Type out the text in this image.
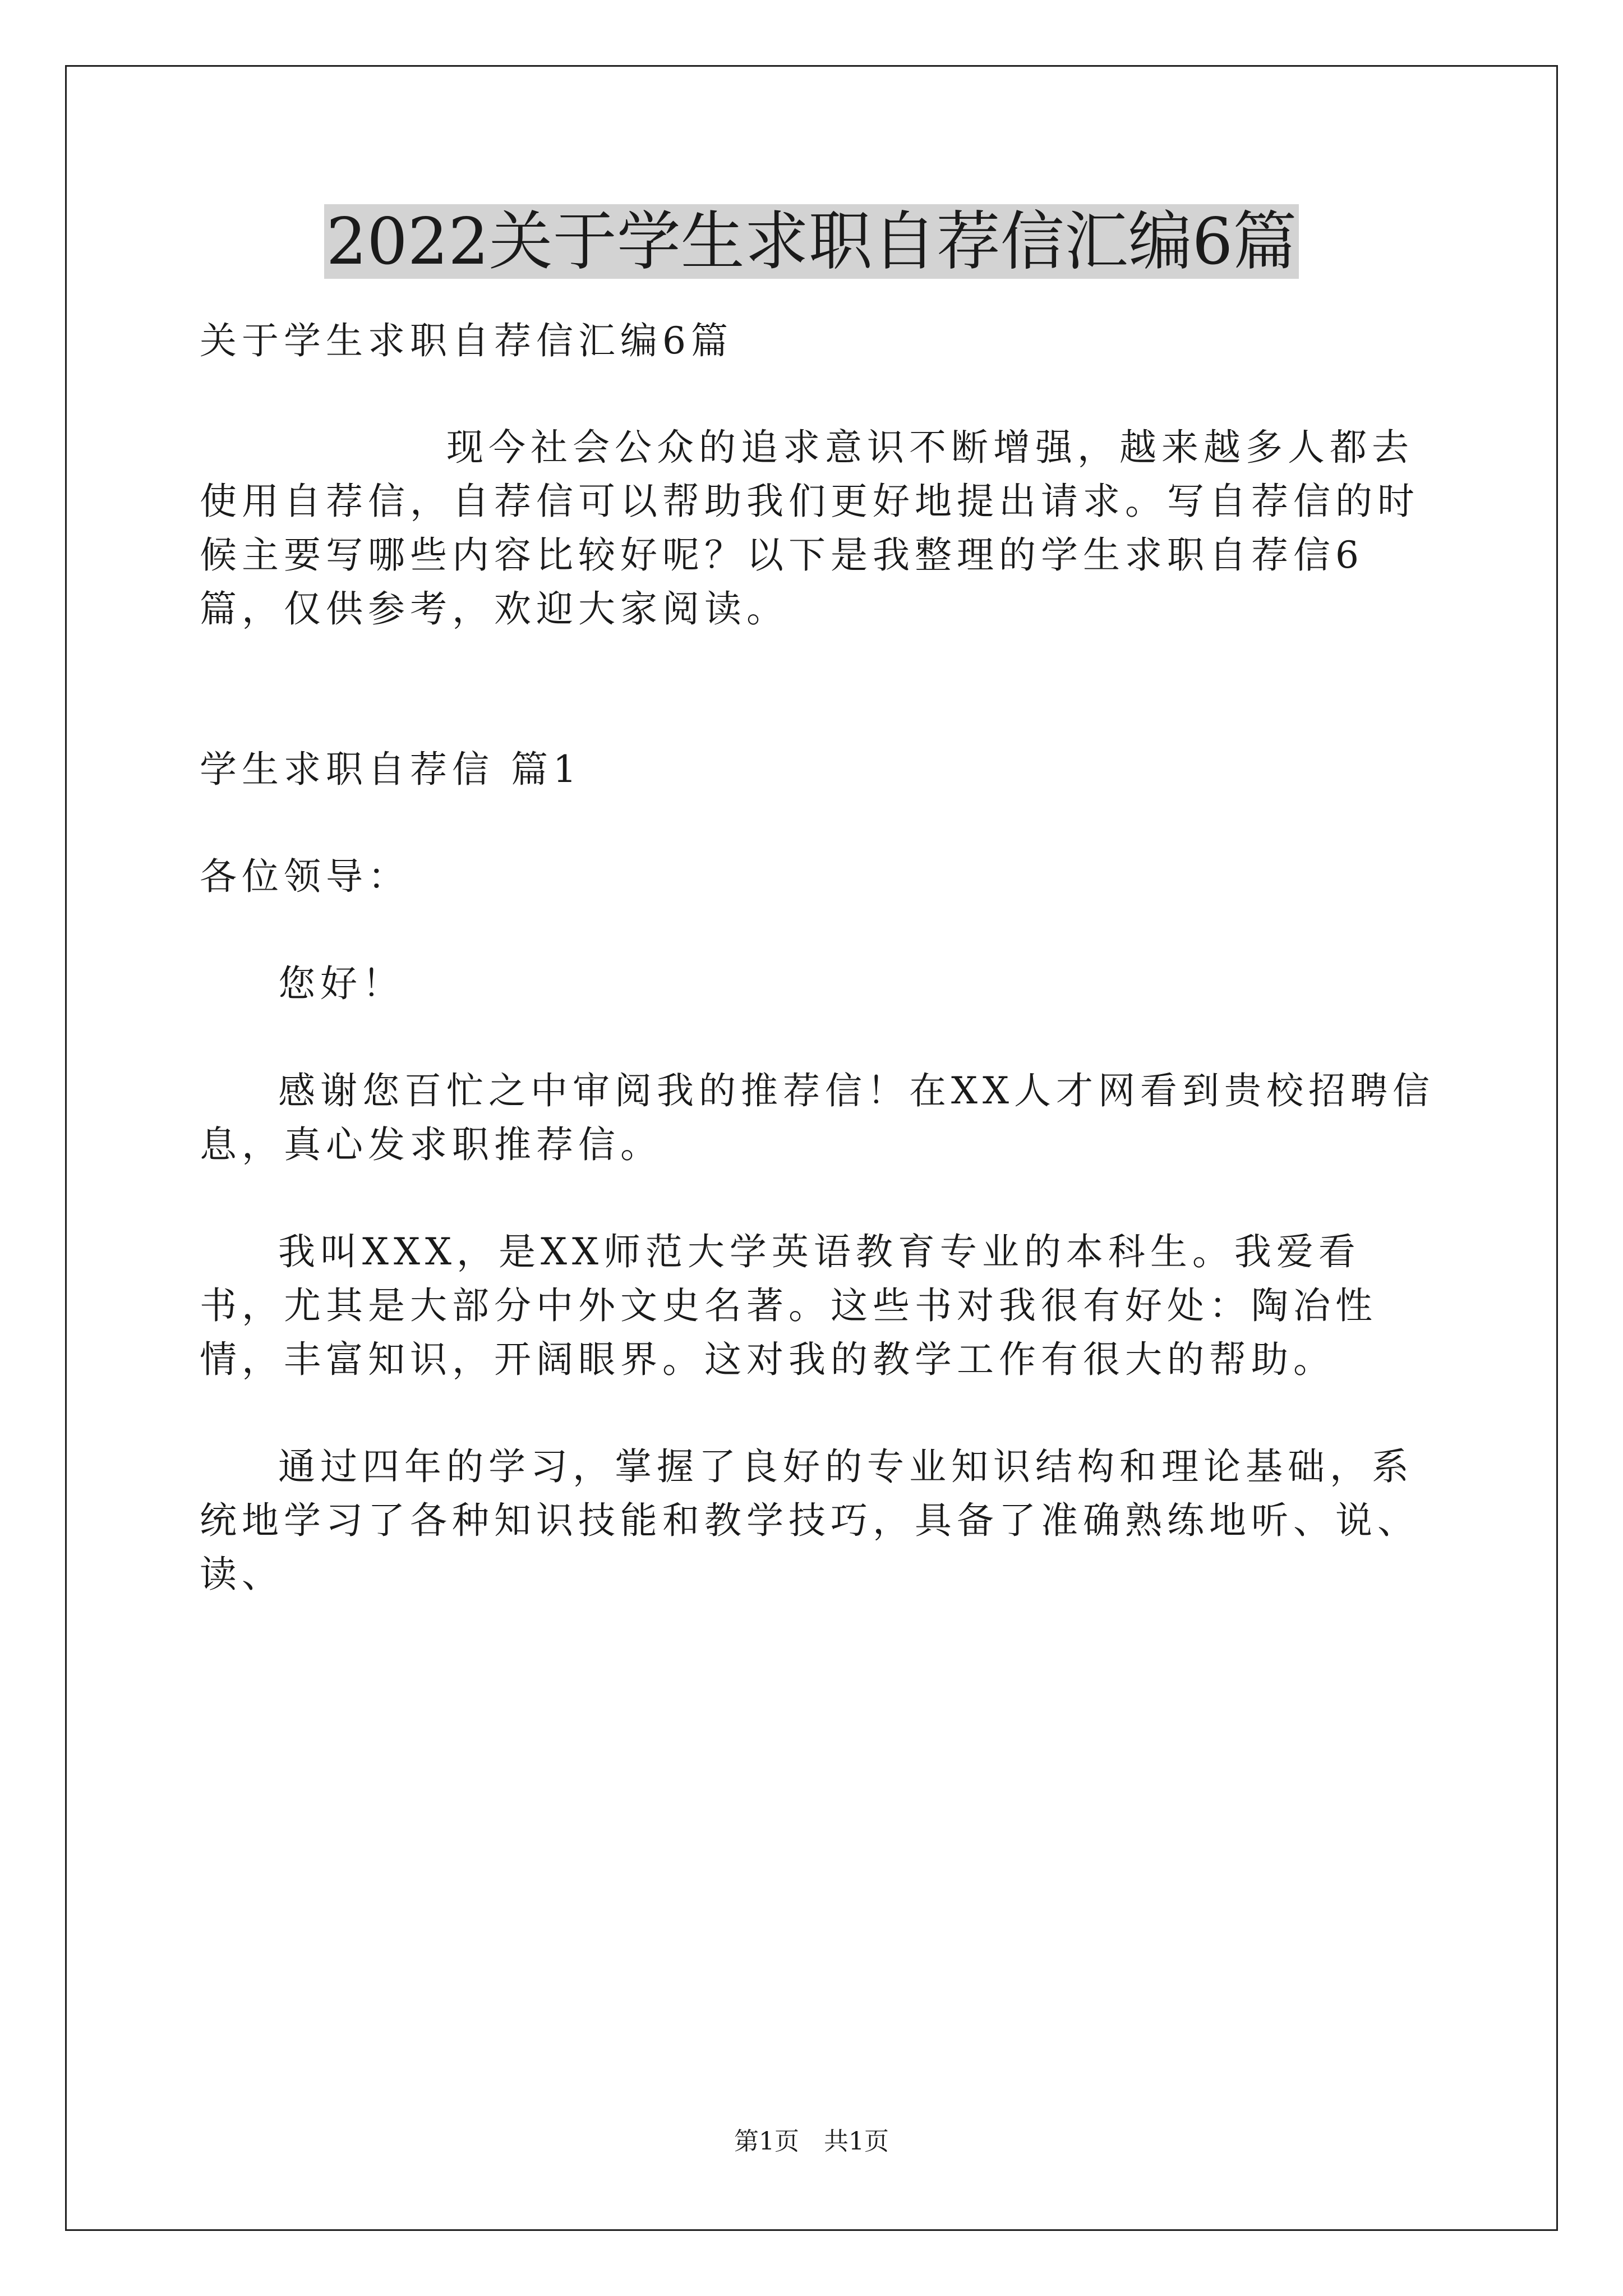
2022关于学生求职自荐信汇编6篇

关于学生求职自荐信汇编6篇

现今社会公众的追求意识不断增强，越来越多人都去使用自荐信，自荐信可以帮助我们更好地提出请求。写自荐信的时候主要写哪些内容比较好呢？以下是我整理的学生求职自荐信6篇，仅供参考，欢迎大家阅读。

学生求职自荐信 篇1

各位领导：

您好！

感谢您百忙之中审阅我的推荐信！在XX人才网看到贵校招聘信息，真心发求职推荐信。

我叫XXX，是XX师范大学英语教育专业的本科生。我爱看书，尤其是大部分中外文史名著。这些书对我很有好处：陶冶性情，丰富知识，开阔眼界。这对我的教学工作有很大的帮助。

通过四年的学习，掌握了良好的专业知识结构和理论基础，系统地学习了各种知识技能和教学技巧，具备了准确熟练地听、说、读、

第1页　共1页
